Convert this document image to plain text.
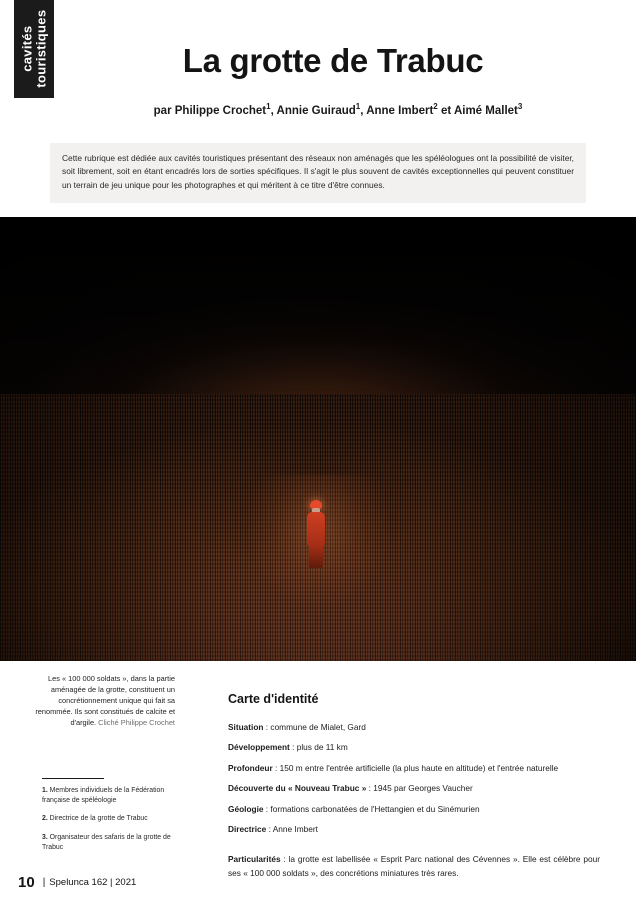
cavités
touristiques	La grotte de Trabuc
par Philippe Crochet$^1$, Annie Guiraud$^1$, Anne Imbert$^2$ et Aimé Mallet$^3$
Cette rubrique est dédiée aux cavités touristiques présentant des réseaux non aménagés que les spéléologues ont la possibilité de visiter, soit librement, soit en étant encadrés lors de sorties spécifiques. Il s'agit le plus souvent de cavités exceptionnelles qui peuvent constituer un terrain de jeu unique pour les photographes et qui méritent à ce titre d'être connues.
Les « 100 000 soldats », dans la partie aménagée de la grotte, constituent un concrétionnement unique qui fait sa renommée. Ils sont constitués de calcite et d'argile. Cliché Philippe Crochet

1. Membres individuels de la Fédération française de spéléologie

2. Directrice de la grotte de Trabuc

3. Organisateur des safaris de la grotte de Trabuc

Carte d'identité
Situation : commune de Mialet, Gard
Développement : plus de 11 km
Profondeur : 150 m entre l'entrée artificielle (la plus haute en altitude) et l'entrée naturelle
Découverte du « Nouveau Trabuc » : 1945 par Georges Vaucher
Géologie : formations carbonatées de l'Hettangien et du Sinémurien
Directrice : Anne Imbert
Particularités : la grotte est labellisée « Esprit Parc national des Cévennes ». Elle est célèbre pour ses « 100 000 soldats », des concrétions miniatures très rares.
10 | Spelunca 162 | 2021
